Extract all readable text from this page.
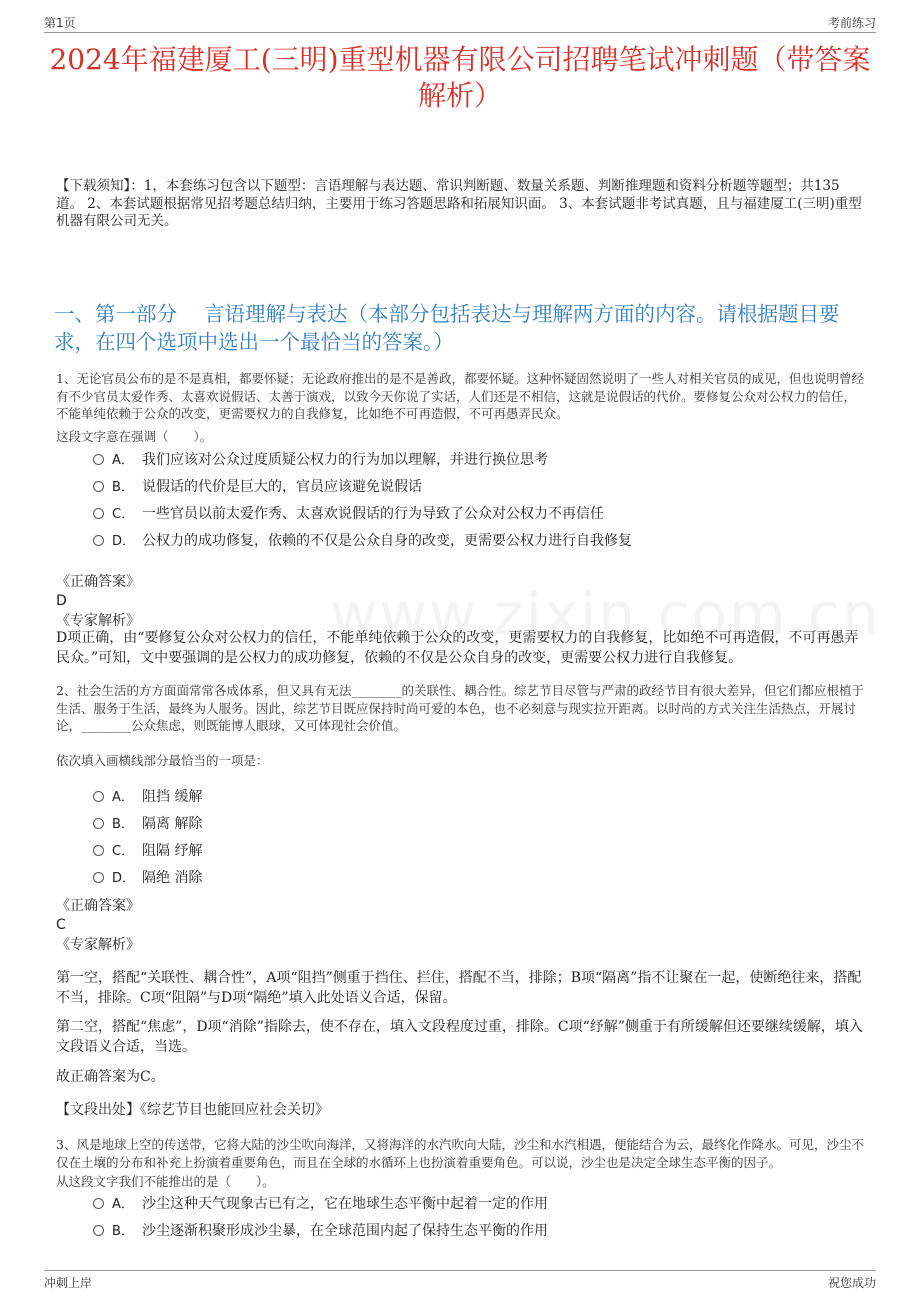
第1页	考前练习
2024年福建厦工(三明)重型机器有限公司招聘笔试冲刺题（带答案解析）
【下载须知】：1，本套练习包含以下题型：言语理解与表达题、常识判断题、数量关系题、判断推理题和资料分析题等题型；共135道。 2、本套试题根据常见招考题总结归纳，主要用于练习答题思路和拓展知识面。 3、本套试题非考试真题，且与福建厦工(三明)重型机器有限公司无关。
一、第一部分　 言语理解与表达（本部分包括表达与理解两方面的内容。请根据题目要求，在四个选项中选出一个最恰当的答案。）
1、无论官员公布的是不是真相，都要怀疑；无论政府推出的是不是善政，都要怀疑。这种怀疑固然说明了一些人对相关官员的成见，但也说明曾经有不少官员太爱作秀、太喜欢说假话、太善于演戏，以致今天你说了实话，人们还是不相信，这就是说假话的代价。要修复公众对公权力的信任，不能单纯依赖于公众的改变，更需要权力的自我修复，比如绝不可再造假，不可再愚弄民众。
这段文字意在强调（　　）。
A． 我们应该对公众过度质疑公权力的行为加以理解，并进行换位思考
B． 说假话的代价是巨大的，官员应该避免说假话
C． 一些官员以前太爱作秀、太喜欢说假话的行为导致了公众对公权力不再信任
D． 公权力的成功修复，依赖的不仅是公众自身的改变，更需要公权力进行自我修复
《正确答案》
D
《专家解析》
D项正确，由“要修复公众对公权力的信任，不能单纯依赖于公众的改变，更需要权力的自我修复，比如绝不可再造假，不可再愚弄民众。”可知，文中要强调的是公权力的成功修复，依赖的不仅是公众自身的改变，更需要公权力进行自我修复。
2、社会生活的方方面面常常各成体系，但又具有无法________的关联性、耦合性。综艺节目尽管与严肃的政经节目有很大差异，但它们都应根植于生活、服务于生活，最终为人服务。因此，综艺节目既应保持时尚可爱的本色，也不必刻意与现实拉开距离。以时尚的方式关注生活热点，开展讨论，________公众焦虑，则既能博人眼球，又可体现社会价值。
依次填入画横线部分最恰当的一项是：
A． 阻挡 缓解
B． 隔离 解除
C． 阻隔 纾解
D． 隔绝 消除
《正确答案》
C
《专家解析》
第一空，搭配“关联性、耦合性”，A项“阻挡”侧重于挡住、拦住，搭配不当，排除；B项“隔离”指不让聚在一起，使断绝往来，搭配不当，排除。C项“阻隔”与D项“隔绝”填入此处语义合适，保留。
第二空，搭配“焦虑”，D项“消除”指除去，使不存在，填入文段程度过重，排除。C项“纾解”侧重于有所缓解但还要继续缓解，填入文段语义合适，当选。
故正确答案为C。
【文段出处】《综艺节目也能回应社会关切》
3、风是地球上空的传送带，它将大陆的沙尘吹向海洋，又将海洋的水汽吹向大陆，沙尘和水汽相遇，便能结合为云，最终化作降水。可见，沙尘不仅在土壤的分布和补充上扮演着重要角色，而且在全球的水循环上也扮演着重要角色。可以说，沙尘也是决定全球生态平衡的因子。
从这段文字我们不能推出的是（　　）。
A． 沙尘这种天气现象古已有之，它在地球生态平衡中起着一定的作用
B． 沙尘逐渐积聚形成沙尘暴，在全球范围内起了保持生态平衡的作用
冲刺上岸	祝您成功
